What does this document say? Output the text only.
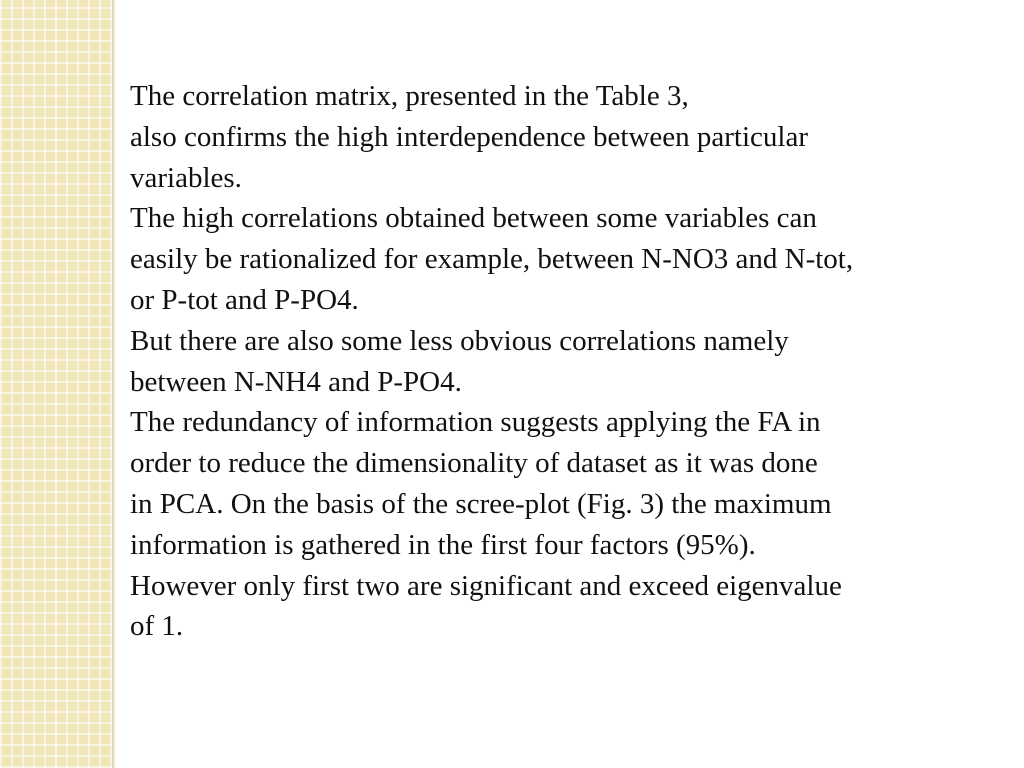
The correlation matrix, presented in the Table 3,
also confirms the high interdependence between particular
variables.
The high correlations obtained between some variables can
easily be rationalized for example, between N-NO3 and N-tot,
or P-tot and P-PO4.
But there are also some less obvious correlations namely
between N-NH4 and P-PO4.
The redundancy of information suggests applying the FA in
order to reduce the dimensionality of dataset as it was done
in PCA. On the basis of the scree-plot (Fig. 3) the maximum
information is gathered in the first four factors (95%).
However only first two are significant and exceed eigenvalue
of 1.
